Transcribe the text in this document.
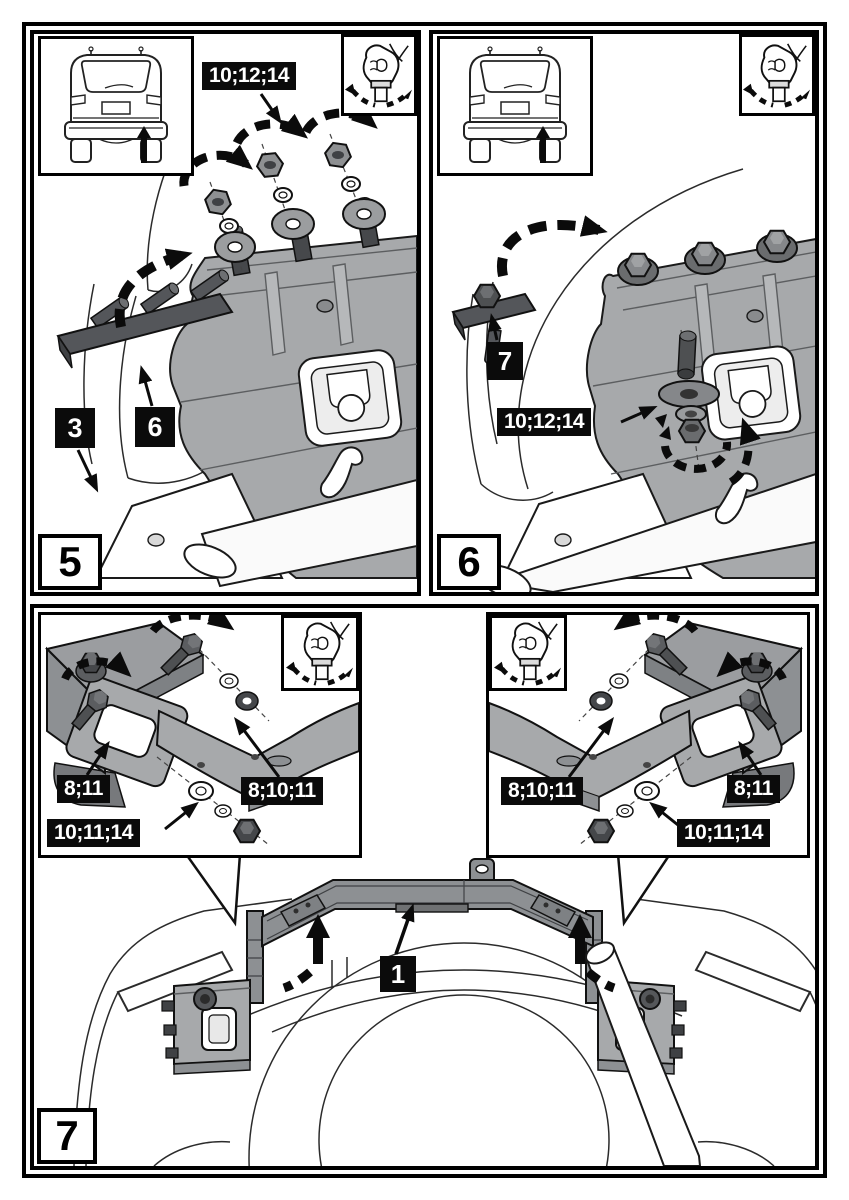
10;12;14
6
3
5
7
10;12;14
6
8;11	8;10;11
10;11;14
8;10;11	8;11
10;11;14
1
7
